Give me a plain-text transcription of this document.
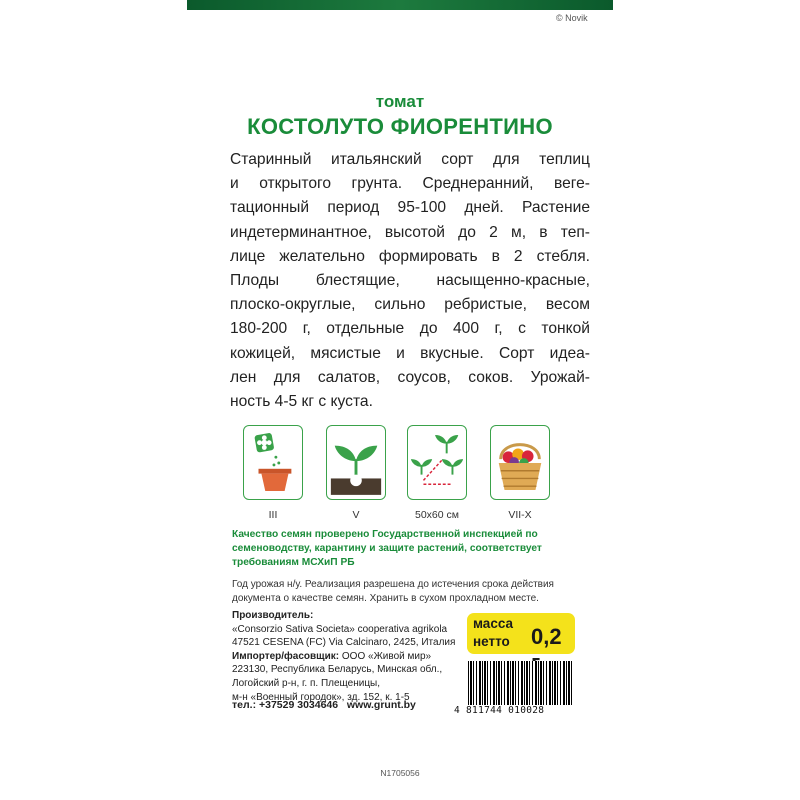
© Novik
томат
КОСТОЛУТО ФИОРЕНТИНО
Старинный итальянский сорт для теплиц
и открытого грунта. Среднеранний, веге-
тационный период 95-100 дней. Растение
индетерминантное, высотой до 2 м, в теп-
лице желательно формировать в 2 стебля.
Плоды блестящие, насыщенно-красные,
плоско-округлые, сильно ребристые, весом
180-200 г, отдельные до 400 г, с тонкой
кожицей, мясистые и вкусные. Сорт идеа-
лен для салатов, соусов, соков. Урожай-
ность 4-5 кг с куста.
III	V	50x60 см	VII-X
Качество семян проверено Государственной инспекцией по семеноводству, карантину и защите растений, соответствует требованиям МСХиП РБ
Год урожая н/у. Реализация разрешена до истечения срока действия документа о качестве семян. Хранить в сухом прохладном месте.
Производитель:
«Consorzio Sativa Societa» cooperativa agrikola
47521 CESENA (FC) Via Calcinaro, 2425, Италия
Импортер/фасовщик: ООО «Живой мир»
223130, Республика Беларусь, Минская обл.,
Логойский р-н, г. п. Плещеницы,
м-н «Военный городок», зд. 152, к. 1-5
масса
нетто 0,2
тел.: +37529 3034646 www.grunt.by	4 811744 010028
N1705056
